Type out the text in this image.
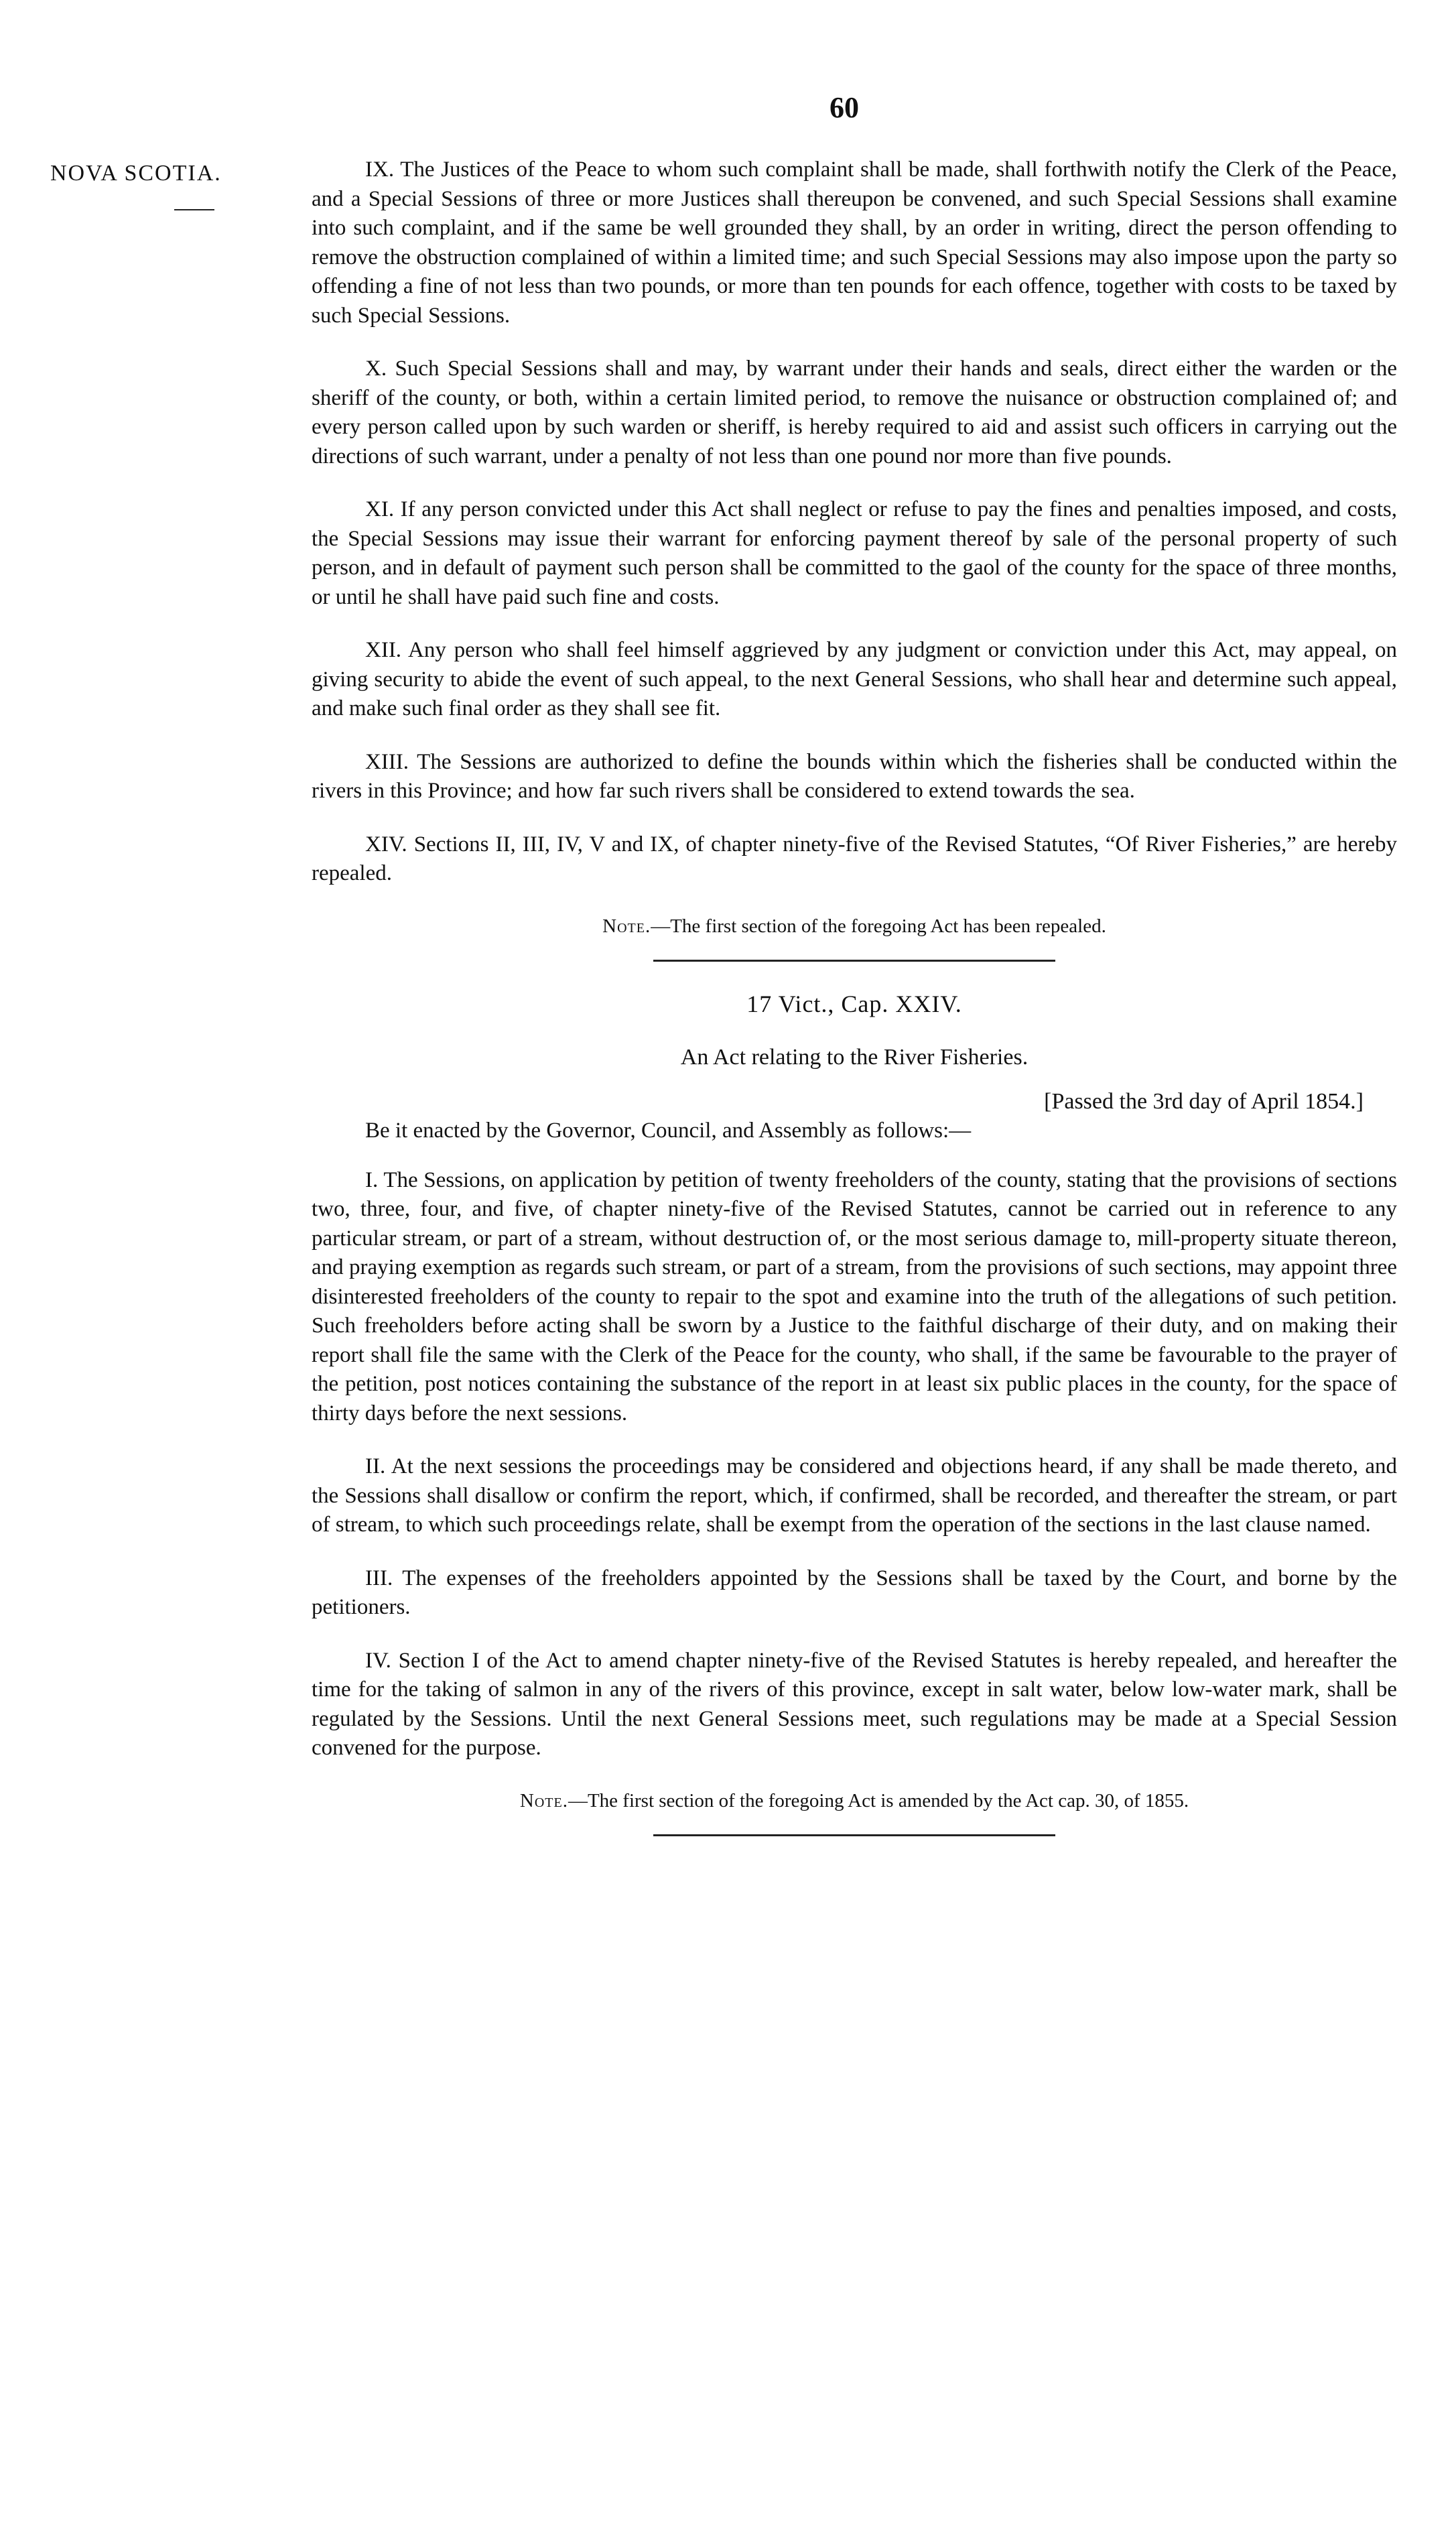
60
NOVA SCOTIA.	IX. The Justices of the Peace to whom such complaint shall be made, shall forthwith notify the Clerk of the Peace, and a Special Sessions of three or more Justices shall thereupon be convened, and such Special Sessions shall examine into such complaint, and if the same be well grounded they shall, by an order in writing, direct the person offending to remove the obstruction complained of within a limited time; and such Special Sessions may also impose upon the party so offending a fine of not less than two pounds, or more than ten pounds for each offence, together with costs to be taxed by such Special Sessions.

X. Such Special Sessions shall and may, by warrant under their hands and seals, direct either the warden or the sheriff of the county, or both, within a certain limited period, to remove the nuisance or obstruction complained of; and every person called upon by such warden or sheriff, is hereby required to aid and assist such officers in carrying out the directions of such warrant, under a penalty of not less than one pound nor more than five pounds.

XI. If any person convicted under this Act shall neglect or refuse to pay the fines and penalties imposed, and costs, the Special Sessions may issue their warrant for enforcing payment thereof by sale of the personal property of such person, and in default of payment such person shall be committed to the gaol of the county for the space of three months, or until he shall have paid such fine and costs.

XII. Any person who shall feel himself aggrieved by any judgment or conviction under this Act, may appeal, on giving security to abide the event of such appeal, to the next General Sessions, who shall hear and determine such appeal, and make such final order as they shall see fit.

XIII. The Sessions are authorized to define the bounds within which the fisheries shall be conducted within the rivers in this Province; and how far such rivers shall be considered to extend towards the sea.

XIV. Sections II, III, IV, V and IX, of chapter ninety-five of the Revised Statutes, “Of River Fisheries,” are hereby repealed.

Note.—The first section of the foregoing Act has been repealed.
17 Vict., Cap. XXIV.
An Act relating to the River Fisheries.
[Passed the 3rd day of April 1854.]
Be it enacted by the Governor, Council, and Assembly as follows:—

I. The Sessions, on application by petition of twenty freeholders of the county, stating that the provisions of sections two, three, four, and five, of chapter ninety-five of the Revised Statutes, cannot be carried out in reference to any particular stream, or part of a stream, without destruction of, or the most serious damage to, mill-property situate thereon, and praying exemption as regards such stream, or part of a stream, from the provisions of such sections, may appoint three disinterested freeholders of the county to repair to the spot and examine into the truth of the allegations of such petition. Such freeholders before acting shall be sworn by a Justice to the faithful discharge of their duty, and on making their report shall file the same with the Clerk of the Peace for the county, who shall, if the same be favourable to the prayer of the petition, post notices containing the substance of the report in at least six public places in the county, for the space of thirty days before the next sessions.

II. At the next sessions the proceedings may be considered and objections heard, if any shall be made thereto, and the Sessions shall disallow or confirm the report, which, if confirmed, shall be recorded, and thereafter the stream, or part of stream, to which such proceedings relate, shall be exempt from the operation of the sections in the last clause named.

III. The expenses of the freeholders appointed by the Sessions shall be taxed by the Court, and borne by the petitioners.

IV. Section I of the Act to amend chapter ninety-five of the Revised Statutes is hereby repealed, and hereafter the time for the taking of salmon in any of the rivers of this province, except in salt water, below low-water mark, shall be regulated by the Sessions. Until the next General Sessions meet, such regulations may be made at a Special Session convened for the purpose.

Note.—The first section of the foregoing Act is amended by the Act cap. 30, of 1855.
